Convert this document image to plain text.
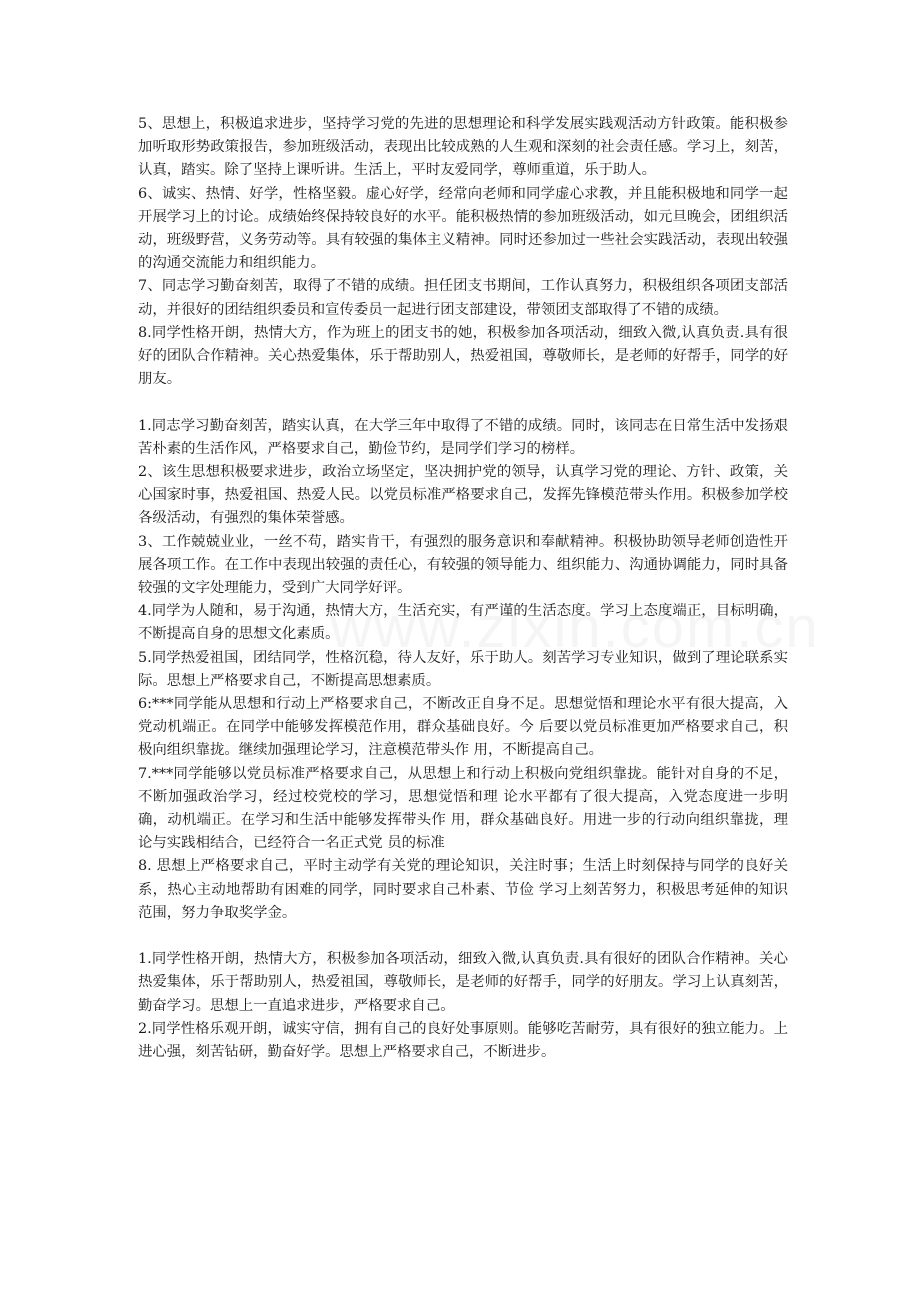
5、思想上，积极追求进步，坚持学习党的先进的思想理论和科学发展实践观活动方针政策。能积极参加听取形势政策报告，参加班级活动，表现出比较成熟的人生观和深刻的社会责任感。学习上，刻苦，认真，踏实。除了坚持上课听讲。生活上，平时友爱同学，尊师重道，乐于助人。

6、诚实、热情、好学，性格坚毅。虚心好学，经常向老师和同学虚心求教，并且能积极地和同学一起开展学习上的讨论。成绩始终保持较良好的水平。能积极热情的参加班级活动，如元旦晚会，团组织活动，班级野营，义务劳动等。具有较强的集体主义精神。同时还参加过一些社会实践活动，表现出较强的沟通交流能力和组织能力。

7、同志学习勤奋刻苦，取得了不错的成绩。担任团支书期间，工作认真努力，积极组织各项团支部活动，并很好的团结组织委员和宣传委员一起进行团支部建设，带领团支部取得了不错的成绩。

8.同学性格开朗，热情大方，作为班上的团支书的她，积极参加各项活动，细致入微,认真负责.具有很好的团队合作精神。关心热爱集体，乐于帮助别人，热爱祖国，尊敬师长，是老师的好帮手，同学的好朋友。

1.同志学习勤奋刻苦，踏实认真，在大学三年中取得了不错的成绩。同时，该同志在日常生活中发扬艰苦朴素的生活作风，严格要求自己，勤俭节约，是同学们学习的榜样。

2、该生思想积极要求进步，政治立场坚定，坚决拥护党的领导，认真学习党的理论、方针、政策，关心国家时事，热爱祖国、热爱人民。以党员标准严格要求自己，发挥先锋模范带头作用。积极参加学校各级活动，有强烈的集体荣誉感。

3、工作兢兢业业，一丝不苟，踏实肯干，有强烈的服务意识和奉献精神。积极协助领导老师创造性开展各项工作。在工作中表现出较强的责任心，有较强的领导能力、组织能力、沟通协调能力，同时具备较强的文字处理能力，受到广大同学好评。

4.同学为人随和，易于沟通，热情大方，生活充实，有严谨的生活态度。学习上态度端正，目标明确，不断提高自身的思想文化素质。

5.同学热爱祖国，团结同学，性格沉稳，待人友好，乐于助人。刻苦学习专业知识，做到了理论联系实际。思想上严格要求自己，不断提高思想素质。

6:***同学能从思想和行动上严格要求自己，不断改正自身不足。思想觉悟和理论水平有很大提高，入党动机端正。在同学中能够发挥模范作用，群众基础良好。今 后要以党员标准更加严格要求自己，积极向组织靠拢。继续加强理论学习，注意模范带头作 用，不断提高自己。

7.***同学能够以党员标准严格要求自己，从思想上和行动上积极向党组织靠拢。能针对自身的不足，不断加强政治学习，经过校党校的学习，思想觉悟和理 论水平都有了很大提高，入党态度进一步明确，动机端正。在学习和生活中能够发挥带头作 用，群众基础良好。用进一步的行动向组织靠拢，理论与实践相结合，已经符合一名正式党 员的标准

8. 思想上严格要求自己，平时主动学有关党的理论知识，关注时事；生活上时刻保持与同学的良好关系，热心主动地帮助有困难的同学，同时要求自己朴素、节俭 学习上刻苦努力，积极思考延伸的知识范围，努力争取奖学金。

1.同学性格开朗，热情大方，积极参加各项活动，细致入微,认真负责.具有很好的团队合作精神。关心热爱集体，乐于帮助别人，热爱祖国，尊敬师长，是老师的好帮手，同学的好朋友。学习上认真刻苦，勤奋学习。思想上一直追求进步，严格要求自己。

2.同学性格乐观开朗，诚实守信，拥有自己的良好处事原则。能够吃苦耐劳，具有很好的独立能力。上进心强，刻苦钻研，勤奋好学。思想上严格要求自己，不断进步。
